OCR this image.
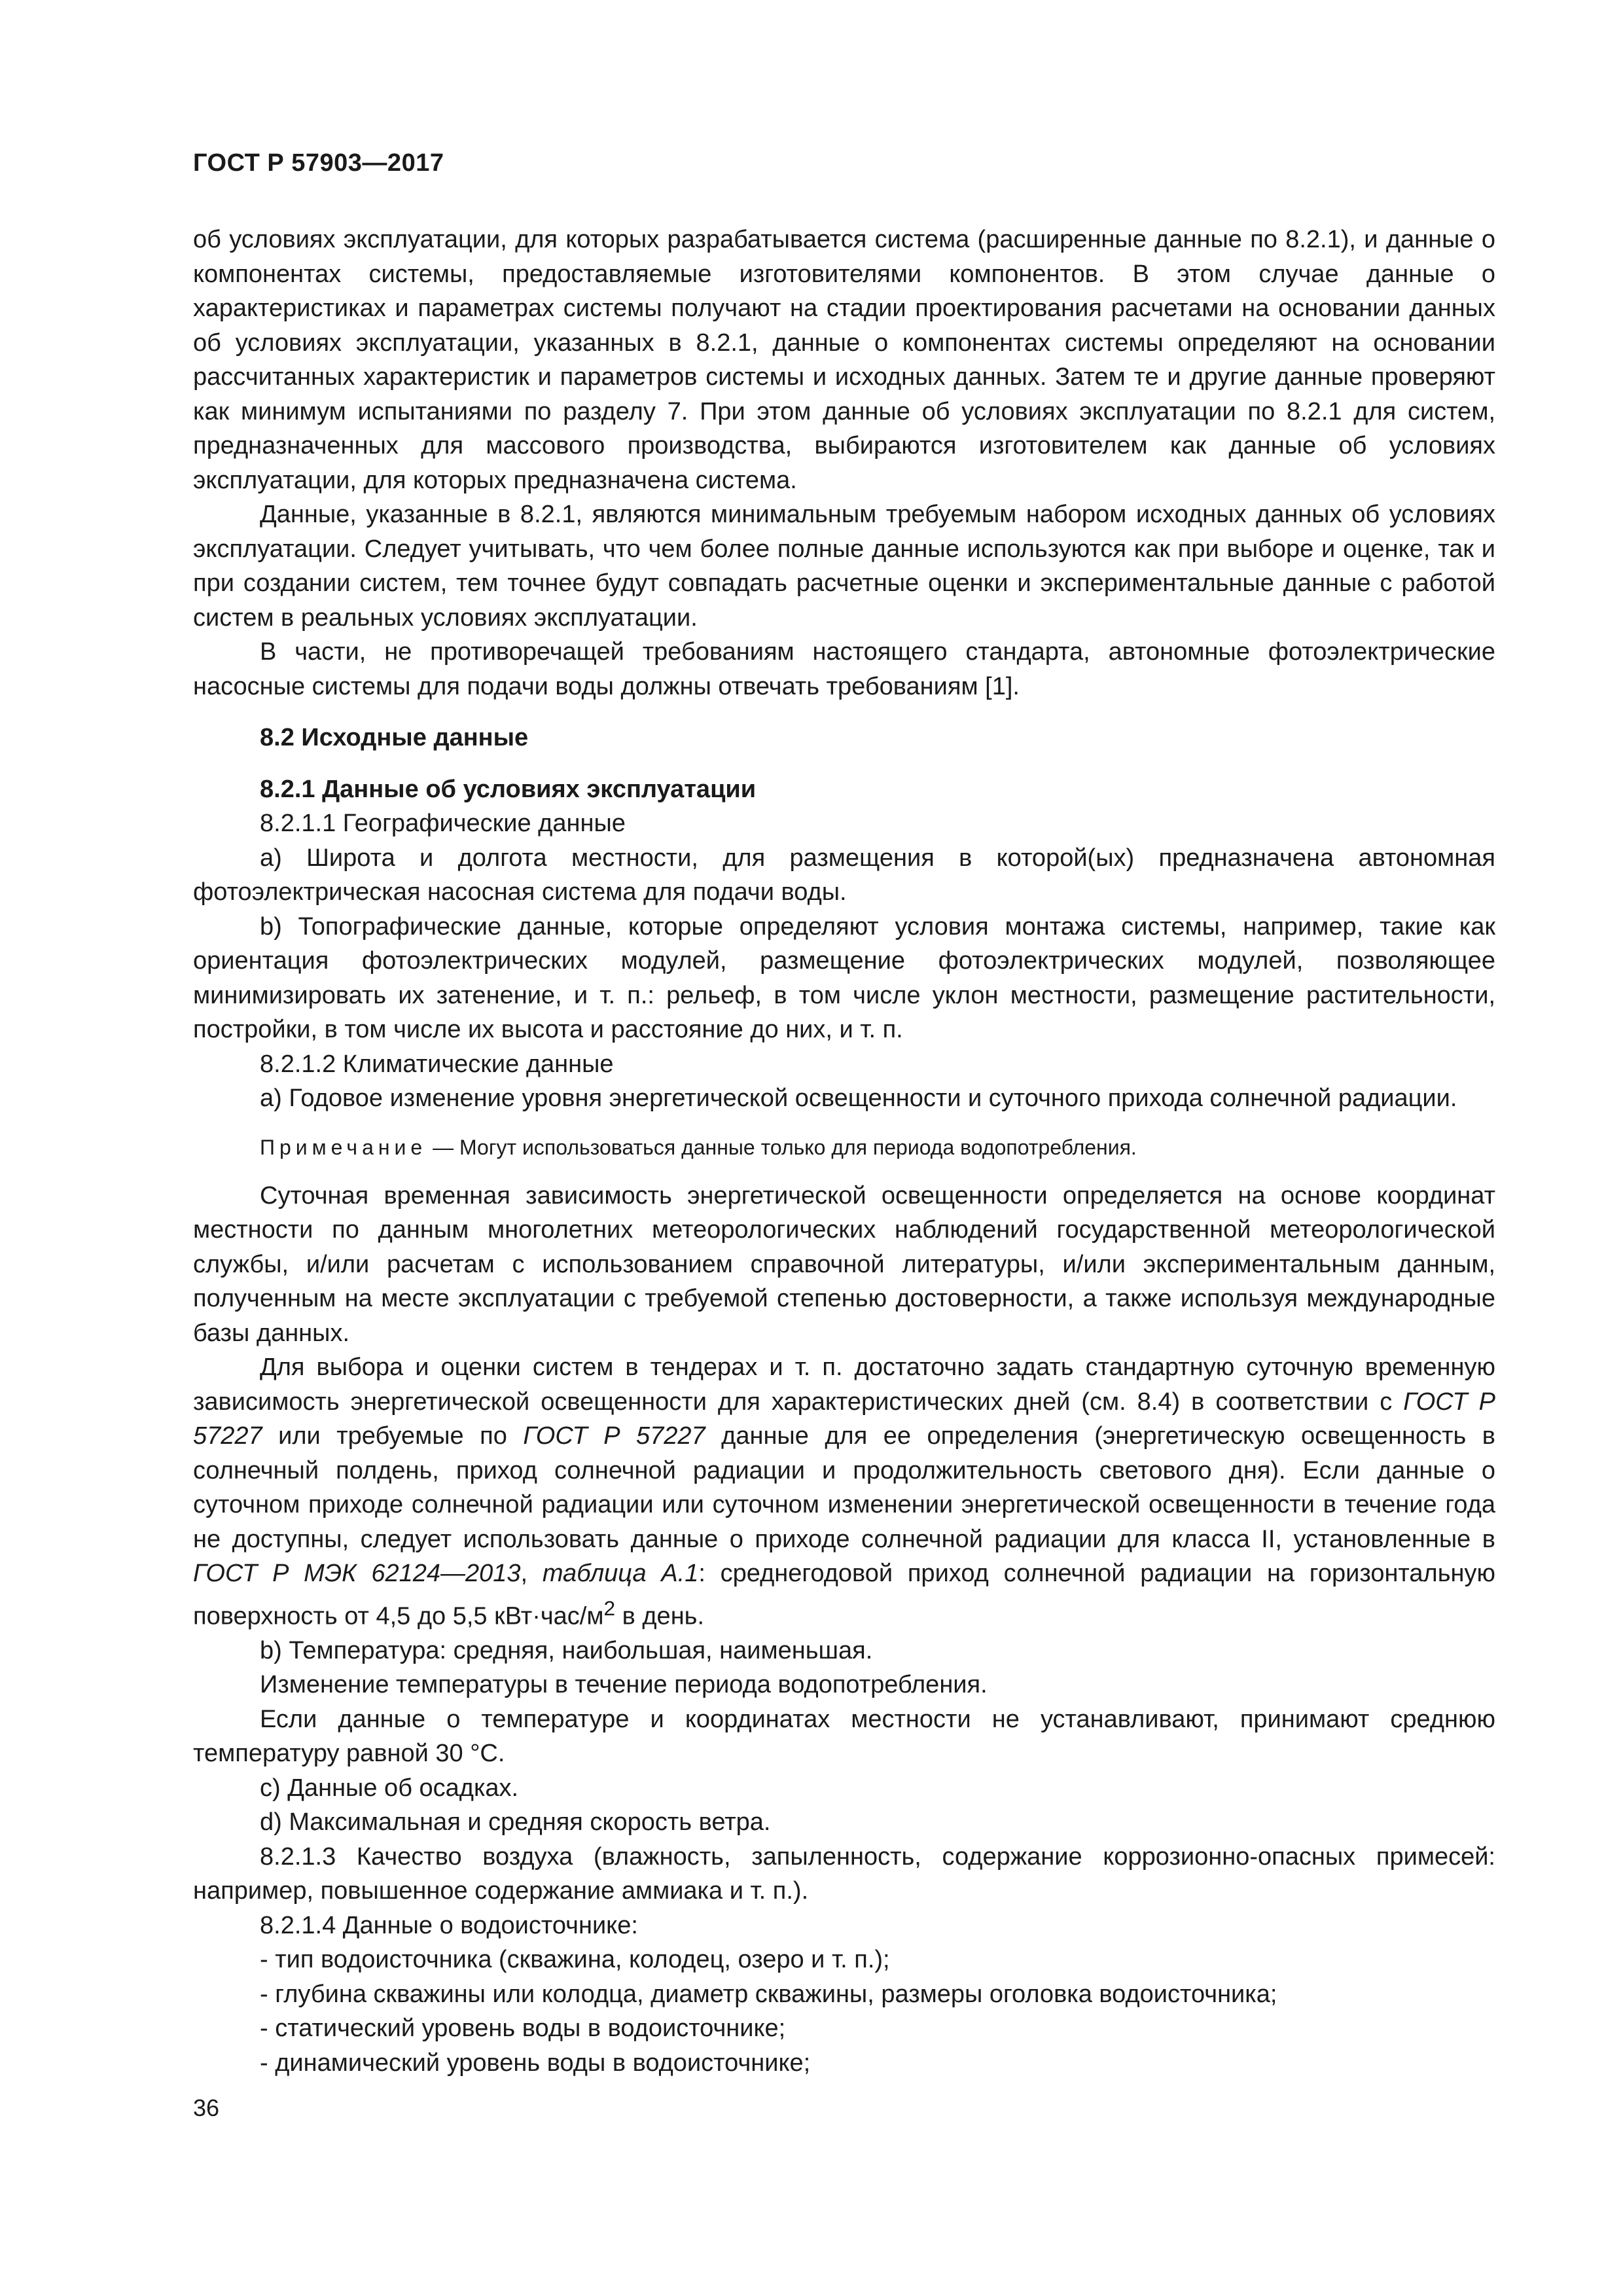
ГОСТ Р 57903—2017

об условиях эксплуатации, для которых разрабатывается система (расширенные данные по 8.2.1), и данные о компонентах системы, предоставляемые изготовителями компонентов. В этом случае данные о характеристиках и параметрах системы получают на стадии проектирования расчетами на основании данных об условиях эксплуатации, указанных в 8.2.1, данные о компонентах системы определяют на основании рассчитанных характеристик и параметров системы и исходных данных. Затем те и другие данные проверяют как минимум испытаниями по разделу 7. При этом данные об условиях эксплуатации по 8.2.1 для систем, предназначенных для массового производства, выбираются изготовителем как данные об условиях эксплуатации, для которых предназначена система.

Данные, указанные в 8.2.1, являются минимальным требуемым набором исходных данных об условиях эксплуатации. Следует учитывать, что чем более полные данные используются как при выборе и оценке, так и при создании систем, тем точнее будут совпадать расчетные оценки и экспериментальные данные с работой систем в реальных условиях эксплуатации.

В части, не противоречащей требованиям настоящего стандарта, автономные фотоэлектрические насосные системы для подачи воды должны отвечать требованиям [1].

8.2 Исходные данные

8.2.1 Данные об условиях эксплуатации

8.2.1.1 Географические данные

а) Широта и долгота местности, для размещения в которой(ых) предназначена автономная фотоэлектрическая насосная система для подачи воды.

b) Топографические данные, которые определяют условия монтажа системы, например, такие как ориентация фотоэлектрических модулей, размещение фотоэлектрических модулей, позволяющее минимизировать их затенение, и т. п.: рельеф, в том числе уклон местности, размещение растительности, постройки, в том числе их высота и расстояние до них, и т. п.

8.2.1.2 Климатические данные

а) Годовое изменение уровня энергетической освещенности и суточного прихода солнечной радиации.

Примечание — Могут использоваться данные только для периода водопотребления.

Суточная временная зависимость энергетической освещенности определяется на основе координат местности по данным многолетних метеорологических наблюдений государственной метеорологической службы, и/или расчетам с использованием справочной литературы, и/или экспериментальным данным, полученным на месте эксплуатации с требуемой степенью достоверности, а также используя международные базы данных.

Для выбора и оценки систем в тендерах и т. п. достаточно задать стандартную суточную временную зависимость энергетической освещенности для характеристических дней (см. 8.4) в соответствии с ГОСТ Р 57227 или требуемые по ГОСТ Р 57227 данные для ее определения (энергетическую освещенность в солнечный полдень, приход солнечной радиации и продолжительность светового дня). Если данные о суточном приходе солнечной радиации или суточном изменении энергетической освещенности в течение года не доступны, следует использовать данные о приходе солнечной радиации для класса II, установленные в ГОСТ Р МЭК 62124—2013, таблица А.1: среднегодовой приход солнечной радиации на горизонтальную поверхность от 4,5 до 5,5 $кВт\cdot час/м^2$ в день.

b) Температура: средняя, наибольшая, наименьшая.

Изменение температуры в течение периода водопотребления.

Если данные о температуре и координатах местности не устанавливают, принимают среднюю температуру равной 30 °С.

с) Данные об осадках.

d) Максимальная и средняя скорость ветра.

8.2.1.3 Качество воздуха (влажность, запыленность, содержание коррозионно-опасных примесей: например, повышенное содержание аммиака и т. п.).

8.2.1.4 Данные о водоисточнике:

- тип водоисточника (скважина, колодец, озеро и т. п.);
- глубина скважины или колодца, диаметр скважины, размеры оголовка водоисточника;
- статический уровень воды в водоисточнике;
- динамический уровень воды в водоисточнике;
36
